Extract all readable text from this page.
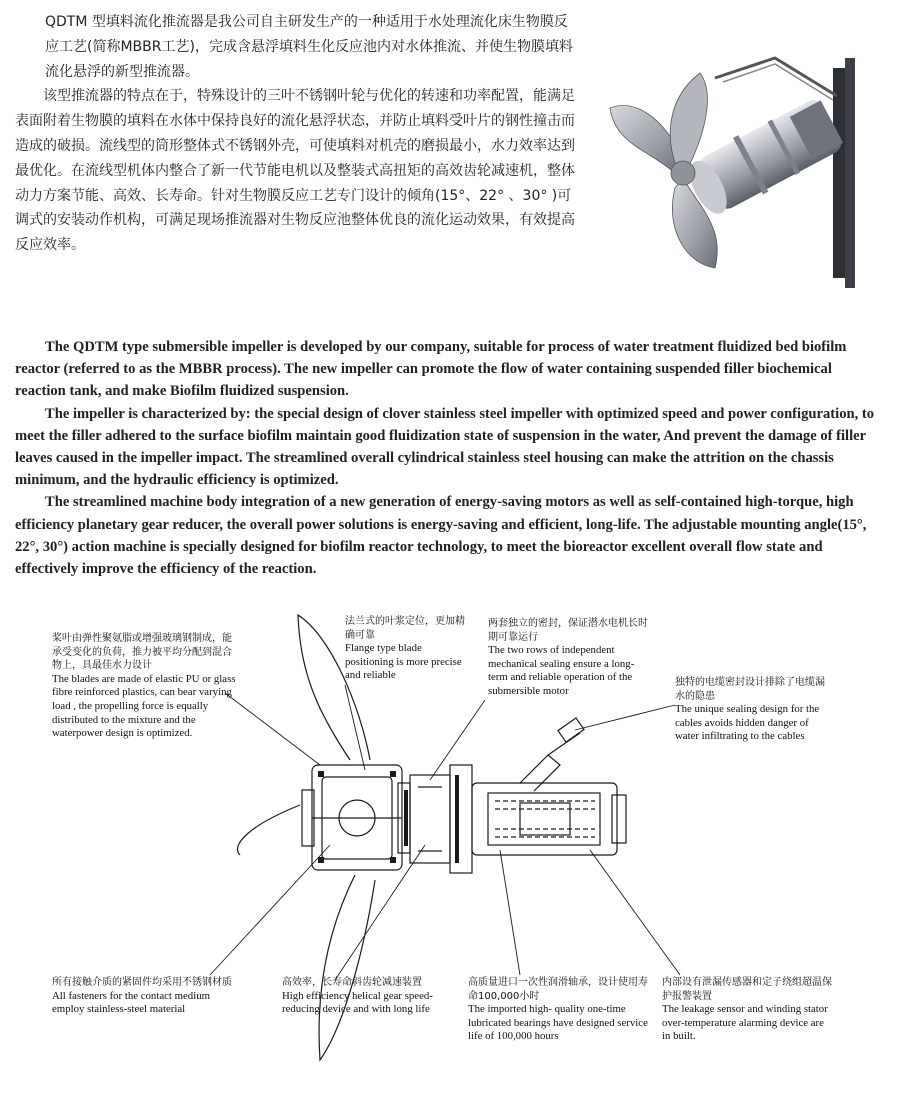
QDTM 型填料流化推流器是我公司自主研发生产的一种适用于水处理流化床生物膜反应工艺(简称MBBR工艺)，完成含悬浮填料生化反应池内对水体推流、并使生物膜填料流化悬浮的新型推流器。

该型推流器的特点在于，特殊设计的三叶不锈钢叶轮与优化的转速和功率配置，能满足表面附着生物膜的填料在水体中保持良好的流化悬浮状态，并防止填料受叶片的钢性撞击而造成的破损。流线型的筒形整体式不锈钢外壳，可使填料对机壳的磨损最小，水力效率达到最优化。在流线型机体内整合了新一代节能电机以及整装式高扭矩的高效齿轮减速机，整体动力方案节能、高效、长寿命。针对生物膜反应工艺专门设计的倾角(15°、22° 、30° )可调式的安装动作机构，可满足现场推流器对生物反应池整体优良的流化运动效果，有效提高反应效率。

The QDTM type submersible impeller is developed by our company, suitable for process of water treatment fluidized bed biofilm reactor (referred to as the MBBR process). The new impeller can promote the flow of water containing suspended filler biochemical reaction tank, and make Biofilm fluidized suspension.

The impeller is characterized by: the special design of clover stainless steel impeller with optimized speed and power configuration, to meet the filler adhered to the surface biofilm maintain good fluidization state of suspension in the water, And prevent the damage of filler leaves caused in the impeller impact. The streamlined overall cylindrical stainless steel housing can make the attrition on the chassis minimum, and the hydraulic efficiency is optimized.

The streamlined machine body integration of a new generation of energy-saving motors as well as self-contained high-torque, high efficiency planetary gear reducer, the overall power solutions is energy-saving and efficient, long-life. The adjustable mounting angle(15°, 22°, 30°) action machine is specially designed for biofilm reactor technology, to meet the bioreactor excellent overall flow state and effectively improve the efficiency of the reaction.

桨叶由弹性聚氨脂或增强玻璃钢制成，能承受变化的负荷，推力被平均分配到混合物上，具最佳水力设计
The blades are made of elastic PU or glass fibre reinforced plastics, can bear varying load , the propelling force is equally distributed to the mixture and the waterpower design is optimized.
法兰式的叶浆定位，更加精确可靠
Flange type blade positioning is more precise and reliable
两套独立的密封，保证潜水电机长时期可靠运行
The two rows of independent mechanical sealing ensure a long-term and reliable operation of the submersible motor
独特的电缆密封设计排除了电缆漏水的隐患
The unique sealing design for the cables avoids hidden danger of water infiltrating to the cables
所有接触介质的紧固件均采用不锈钢材质
All fasteners for the contact medium employ stainless-steel material
高效率，长寿命斜齿轮减速装置
High efficiency helical gear speed-reducing device and with long life
高质量进口一次性润滑轴承，设计使用寿命100,000小时
The imported high- quality one-time lubricated bearings have designed service life of 100,000 hours
内部设有泄漏传感器和定子绕组超温保护报警装置
The leakage sensor and winding stator over-temperature alarming device are in built.
